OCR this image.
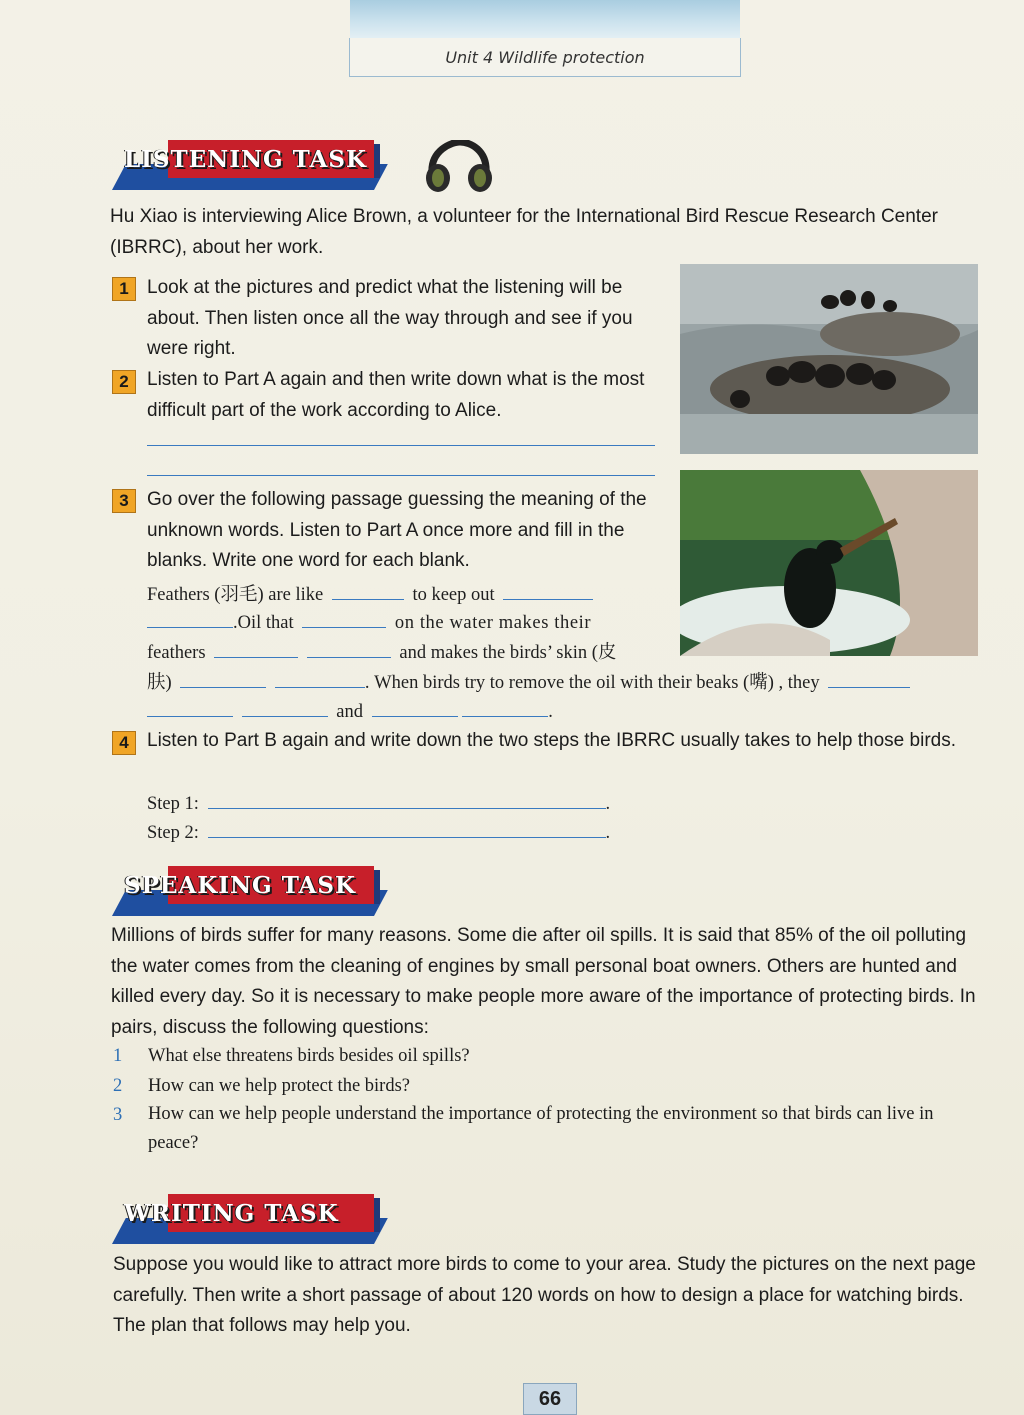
Unit 4 Wildlife protection
LISTENING TASK
Hu Xiao is interviewing Alice Brown, a volunteer for the International Bird Rescue Research Center (IBRRC), about her work.
1 Look at the pictures and predict what the listening will be about. Then listen once all the way through and see if you were right.
2 Listen to Part A again and then write down what is the most difficult part of the work according to Alice.
3 Go over the following passage guessing the meaning of the unknown words. Listen to Part A once more and fill in the blanks. Write one word for each blank.
Feathers (羽毛) are like	to keep out
.Oil that	on the water makes their
feathers	and makes the birds’ skin (皮
肤)	. When birds try to remove the oil with their beaks (嘴) , they
and	.
4 Listen to Part B again and write down the two steps the IBRRC usually takes to help those birds.
Step 1:	.
Step 2:	.
SPEAKING TASK
Millions of birds suffer for many reasons. Some die after oil spills. It is said that 85% of the oil polluting the water comes from the cleaning of engines by small personal boat owners. Others are hunted and killed every day. So it is necessary to make people more aware of the importance of protecting birds. In pairs, discuss the following questions:
1 What else threatens birds besides oil spills?
2 How can we help protect the birds?
3 How can we help people understand the importance of protecting the environment so that birds can live in peace?
WRITING TASK
Suppose you would like to attract more birds to come to your area. Study the pictures on the next page carefully. Then write a short passage of about 120 words on how to design a place for watching birds. The plan that follows may help you.
66
